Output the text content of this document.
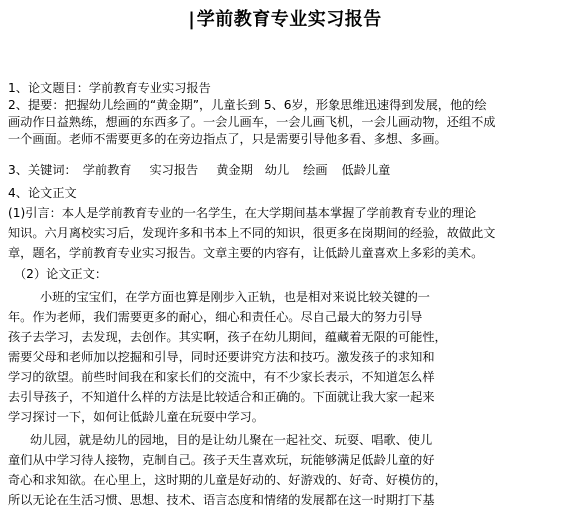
| 学前教育专业实习报告
1、论文题目：学前教育专业实习报告
2、提要：把握幼儿绘画的“黄金期”，儿童长到 5、6岁，形象思维迅速得到发展，他的绘
画动作日益熟练，想画的东西多了。一会儿画车，一会儿画飞机，一会儿画动物，还组不成
一个画面。老师不需要更多的在旁边指点了，只是需要引导他多看、多想、多画。
3、关键词： 学前教育 实习报告 黄金期 幼儿 绘画 低龄儿童
4、论文正文
(1)引言：本人是学前教育专业的一名学生，在大学期间基本掌握了学前教育专业的理论
知识。六月离校实习后，发现许多和书本上不同的知识，很更多在岗期间的经验，故做此文
章，题名，学前教育专业实习报告。文章主要的内容有，让低龄儿童喜欢上多彩的美术。
（2）论文正文：
小班的宝宝们，在学方面也算是刚步入正轨，也是相对来说比较关键的一
年。作为老师，我们需要更多的耐心，细心和责任心。尽自己最大的努力引导
孩子去学习，去发现，去创作。其实啊，孩子在幼儿期间，蕴藏着无限的可能性，
需要父母和老师加以挖掘和引导，同时还要讲究方法和技巧。激发孩子的求知和
学习的欲望。前些时间我在和家长们的交流中，有不少家长表示，不知道怎么样
去引导孩子，不知道什么样的方法是比较适合和正确的。下面就让我大家一起来
学习探讨一下，如何让低龄儿童在玩耍中学习。
幼儿园，就是幼儿的园地，目的是让幼儿聚在一起社交、玩耍、唱歌、使儿
童们从中学习待人接物，克制自己。孩子天生喜欢玩，玩能够满足低龄儿童的好
奇心和求知欲。在心里上，这时期的儿童是好动的、好游戏的、好奇、好模仿的，
所以无论在生活习惯、思想、技术、语言态度和情绪的发展都在这一时期打下基
